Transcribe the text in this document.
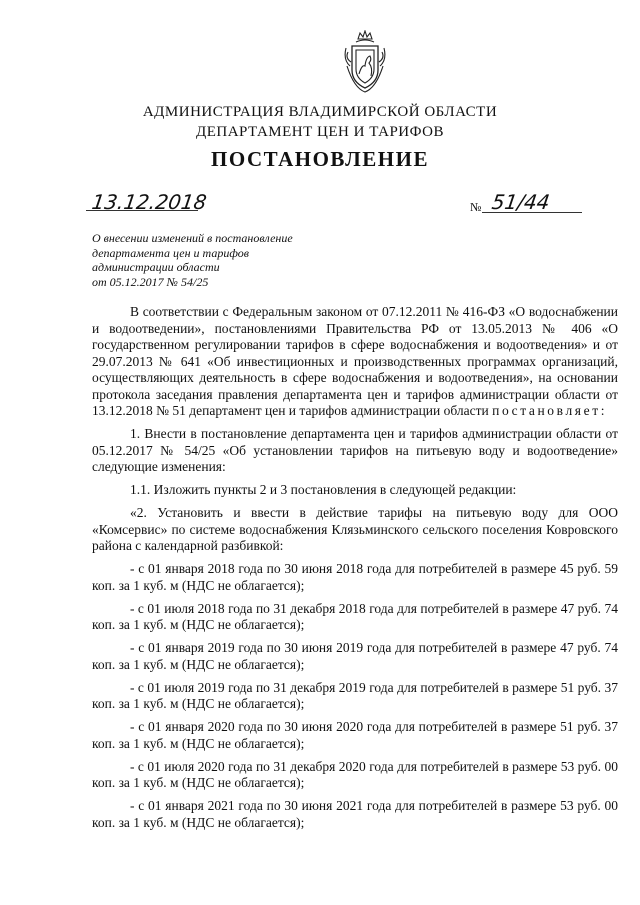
АДМИНИСТРАЦИЯ ВЛАДИМИРСКОЙ ОБЛАСТИ
ДЕПАРТАМЕНТ ЦЕН И ТАРИФОВ
ПОСТАНОВЛЕНИЕ
13.12.2018	№ 51/44
О внесении изменений в постановление
департамента цен и тарифов
администрации области
от 05.12.2017 № 54/25

В соответствии с Федеральным законом от 07.12.2011 № 416-ФЗ «О водоснабжении и водоотведении», постановлениями Правительства РФ от 13.05.2013 № 406 «О государственном регулировании тарифов в сфере водоснабжения и водоотведения» и от 29.07.2013 № 641 «Об инвестиционных и производственных программах организаций, осуществляющих деятельность в сфере водоснабжения и водоотведения», на основании протокола заседания правления департамента цен и тарифов администрации области от 13.12.2018 № 51 департамент цен и тарифов администрации области постановляет:

1. Внести в постановление департамента цен и тарифов администрации области от 05.12.2017 № 54/25 «Об установлении тарифов на питьевую воду и водоотведение» следующие изменения:

1.1. Изложить пункты 2 и 3 постановления в следующей редакции:

«2. Установить и ввести в действие тарифы на питьевую воду для ООО «Комсервис» по системе водоснабжения Клязьминского сельского поселения Ковровского района с календарной разбивкой:

- с 01 января 2018 года по 30 июня 2018 года для потребителей в размере 45 руб. 59 коп. за 1 куб. м (НДС не облагается);

- с 01 июля 2018 года по 31 декабря 2018 года для потребителей в размере 47 руб. 74 коп. за 1 куб. м (НДС не облагается);

- с 01 января 2019 года по 30 июня 2019 года для потребителей в размере 47 руб. 74 коп. за 1 куб. м (НДС не облагается);

- с 01 июля 2019 года по 31 декабря 2019 года для потребителей в размере 51 руб. 37 коп. за 1 куб. м (НДС не облагается);

- с 01 января 2020 года по 30 июня 2020 года для потребителей в размере 51 руб. 37 коп. за 1 куб. м (НДС не облагается);

- с 01 июля 2020 года по 31 декабря 2020 года для потребителей в размере 53 руб. 00 коп. за 1 куб. м (НДС не облагается);

- с 01 января 2021 года по 30 июня 2021 года для потребителей в размере 53 руб. 00 коп. за 1 куб. м (НДС не облагается);
